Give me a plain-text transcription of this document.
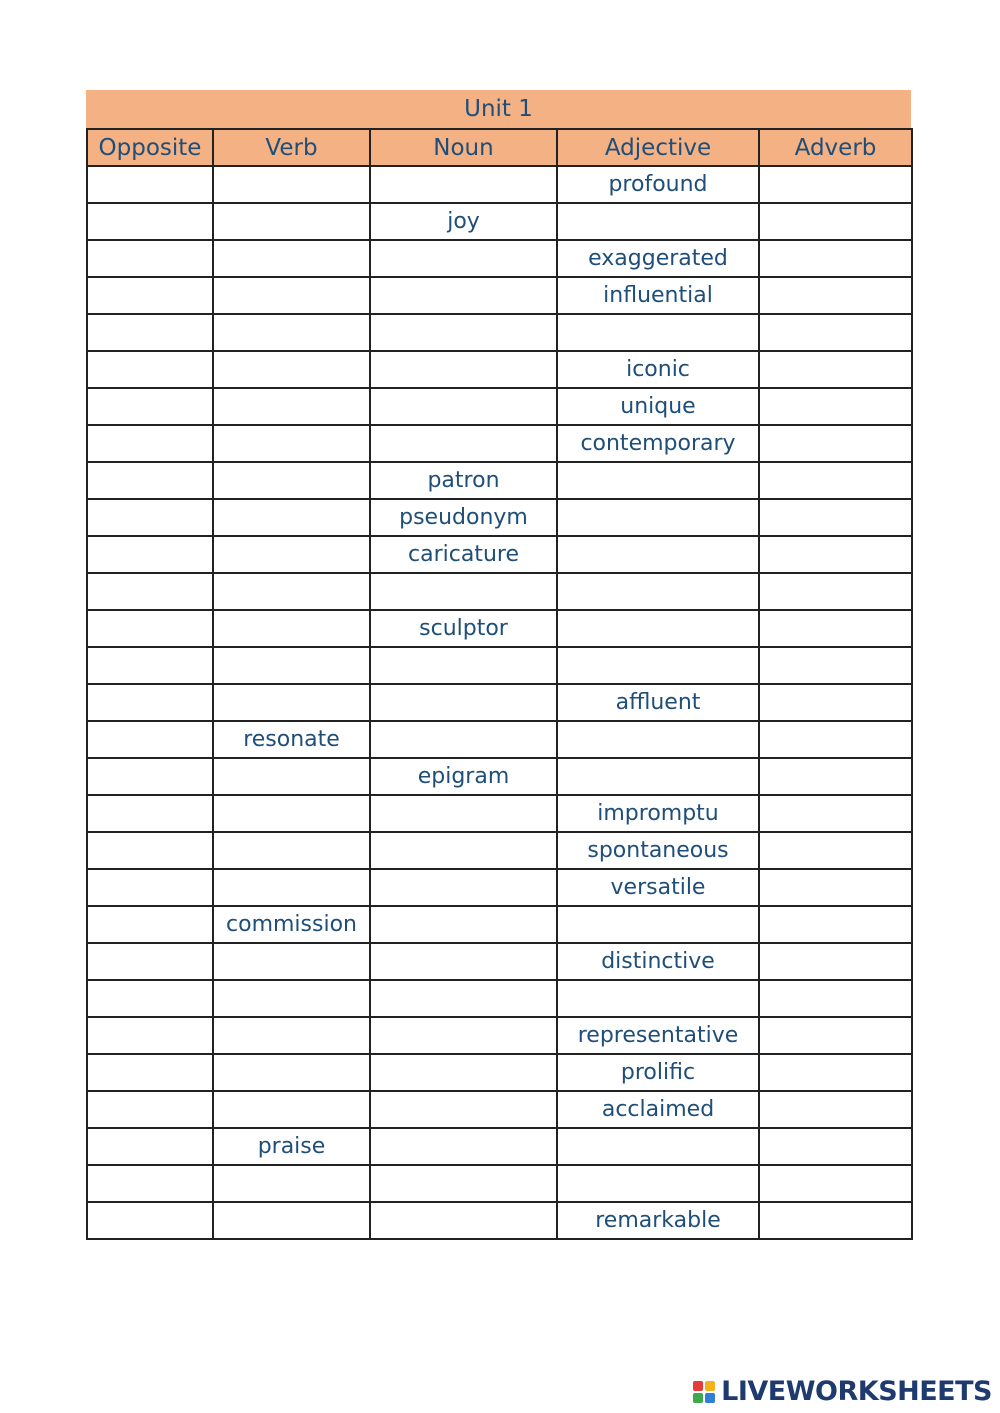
Unit 1
Opposite	Verb	Noun	Adjective	Adverb
			profound	
		joy		
			exaggerated	
			influential	

			iconic	
			unique	
			contemporary	
		patron		
		pseudonym		
		caricature		

		sculptor		

			affluent	
	resonate			
		epigram		
			impromptu	
			spontaneous	
			versatile	
	commission			
			distinctive	

			representative	
			prolific	
			acclaimed	
	praise			

			remarkable	
LIVEWORKSHEETS
